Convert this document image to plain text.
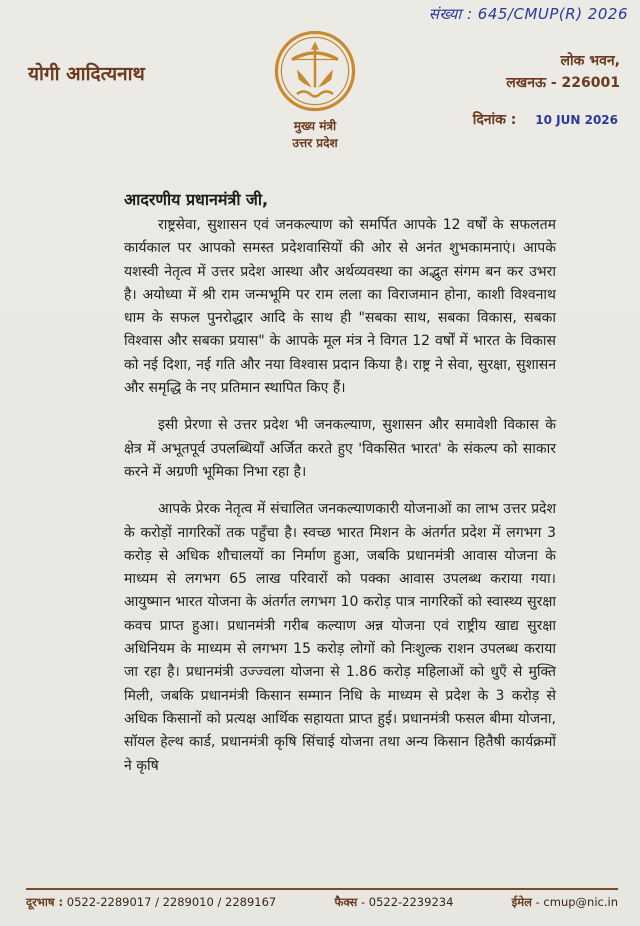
संख्या : 645/CMUP(R) 2026
योगी आदित्यनाथ
मुख्य मंत्री
उत्तर प्रदेश
लोक भवन,
लखनऊ - 226001
दिनांक : 10 JUN 2026
आदरणीय प्रधानमंत्री जी,

राष्ट्रसेवा, सुशासन एवं जनकल्याण को समर्पित आपके 12 वर्षों के सफलतम कार्यकाल पर आपको समस्त प्रदेशवासियों की ओर से अनंत शुभकामनाएं। आपके यशस्वी नेतृत्व में उत्तर प्रदेश आस्था और अर्थव्यवस्था का अद्भुत संगम बन कर उभरा है। अयोध्या में श्री राम जन्मभूमि पर राम लला का विराजमान होना, काशी विश्वनाथ धाम के सफल पुनरोद्धार आदि के साथ ही "सबका साथ, सबका विकास, सबका विश्वास और सबका प्रयास" के आपके मूल मंत्र ने विगत 12 वर्षों में भारत के विकास को नई दिशा, नई गति और नया विश्वास प्रदान किया है। राष्ट्र ने सेवा, सुरक्षा, सुशासन और समृद्धि के नए प्रतिमान स्थापित किए हैं।

इसी प्रेरणा से उत्तर प्रदेश भी जनकल्याण, सुशासन और समावेशी विकास के क्षेत्र में अभूतपूर्व उपलब्धियाँ अर्जित करते हुए 'विकसित भारत' के संकल्प को साकार करने में अग्रणी भूमिका निभा रहा है।

आपके प्रेरक नेतृत्व में संचालित जनकल्याणकारी योजनाओं का लाभ उत्तर प्रदेश के करोड़ों नागरिकों तक पहुँचा है। स्वच्छ भारत मिशन के अंतर्गत प्रदेश में लगभग 3 करोड़ से अधिक शौचालयों का निर्माण हुआ, जबकि प्रधानमंत्री आवास योजना के माध्यम से लगभग 65 लाख परिवारों को पक्का आवास उपलब्ध कराया गया। आयुष्मान भारत योजना के अंतर्गत लगभग 10 करोड़ पात्र नागरिकों को स्वास्थ्य सुरक्षा कवच प्राप्त हुआ। प्रधानमंत्री गरीब कल्याण अन्न योजना एवं राष्ट्रीय खाद्य सुरक्षा अधिनियम के माध्यम से लगभग 15 करोड़ लोगों को निःशुल्क राशन उपलब्ध कराया जा रहा है। प्रधानमंत्री उज्ज्वला योजना से 1.86 करोड़ महिलाओं को धुएँ से मुक्ति मिली, जबकि प्रधानमंत्री किसान सम्मान निधि के माध्यम से प्रदेश के 3 करोड़ से अधिक किसानों को प्रत्यक्ष आर्थिक सहायता प्राप्त हुई। प्रधानमंत्री फसल बीमा योजना, सॉयल हेल्थ कार्ड, प्रधानमंत्री कृषि सिंचाई योजना तथा अन्य किसान हितैषी कार्यक्रमों ने कृषि

दूरभाष : 0522-2289017 / 2289010 / 2289167	फैक्स - 0522-2239234	ईमेल - cmup@nic.in
